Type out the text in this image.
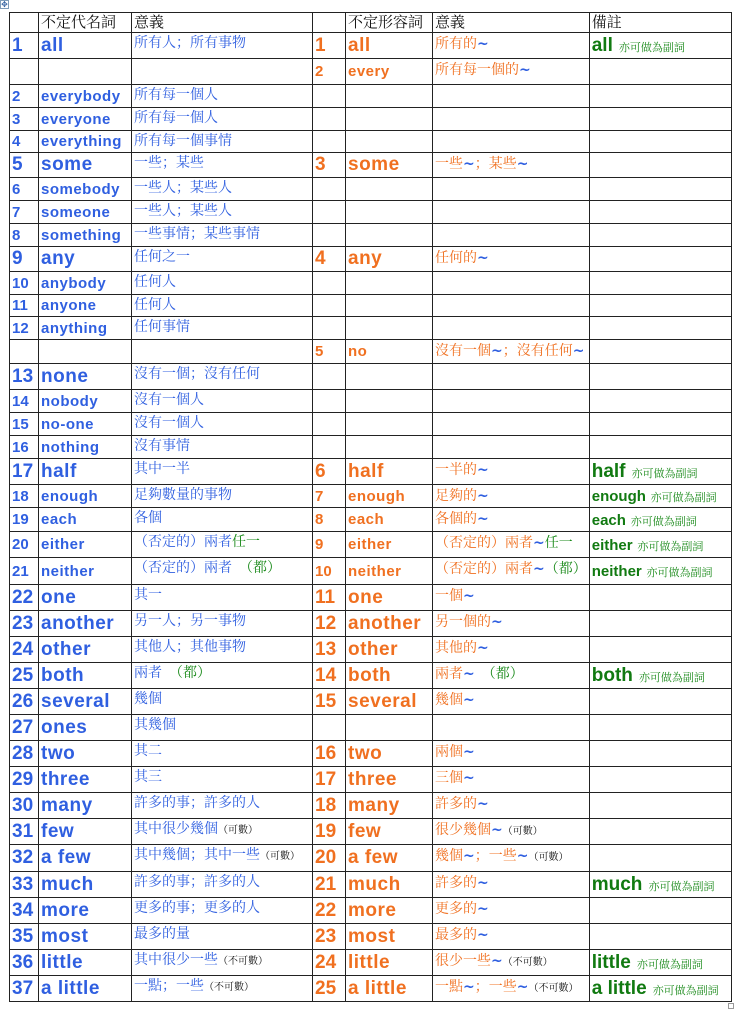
✥
	不定代名詞	意義		不定形容詞	意義	備註
1	all	所有人；所有事物	1	all	所有的~	all 亦可做為副詞
			2	every	所有每一個的~	
2	everybody	所有每一個人				
3	everyone	所有每一個人				
4	everything	所有每一個事情				
5	some	一些；某些	3	some	一些~；某些~	
6	somebody	一些人；某些人				
7	someone	一些人；某些人				
8	something	一些事情；某些事情				
9	any	任何之一	4	any	任何的~	
10	anybody	任何人				
11	anyone	任何人				
12	anything	任何事情				
			5	no	沒有一個~；沒有任何~	
13	none	沒有一個；沒有任何				
14	nobody	沒有一個人				
15	no-one	沒有一個人				
16	nothing	沒有事情				
17	half	其中一半	6	half	一半的~	half 亦可做為副詞
18	enough	足夠數量的事物	7	enough	足夠的~	enough 亦可做為副詞
19	each	各個	8	each	各個的~	each 亦可做為副詞
20	either	（否定的）兩者任一	9	either	（否定的）兩者~任一	either 亦可做為副詞
21	neither	（否定的）兩者　（都）	10	neither	（否定的）兩者~（都）	neither 亦可做為副詞
22	one	其一	11	one	一個~	
23	another	另一人；另一事物	12	another	另一個的~	
24	other	其他人；其他事物	13	other	其他的~	
25	both	兩者　（都）	14	both	兩者~　（都）	both 亦可做為副詞
26	several	幾個	15	several	幾個~	
27	ones	其幾個				
28	two	其二	16	two	兩個~	
29	three	其三	17	three	三個~	
30	many	許多的事；許多的人	18	many	許多的~	
31	few	其中很少幾個（可數）	19	few	很少幾個~（可數）	
32	a few	其中幾個；其中一些（可數）	20	a few	幾個~；一些~（可數）	
33	much	許多的事；許多的人	21	much	許多的~	much 亦可做為副詞
34	more	更多的事；更多的人	22	more	更多的~	
35	most	最多的量	23	most	最多的~	
36	little	其中很少一些（不可數）	24	little	很少一些~（不可數）	little 亦可做為副詞
37	a little	一點；一些（不可數）	25	a little	一點~；一些~（不可數）	a little 亦可做為副詞
